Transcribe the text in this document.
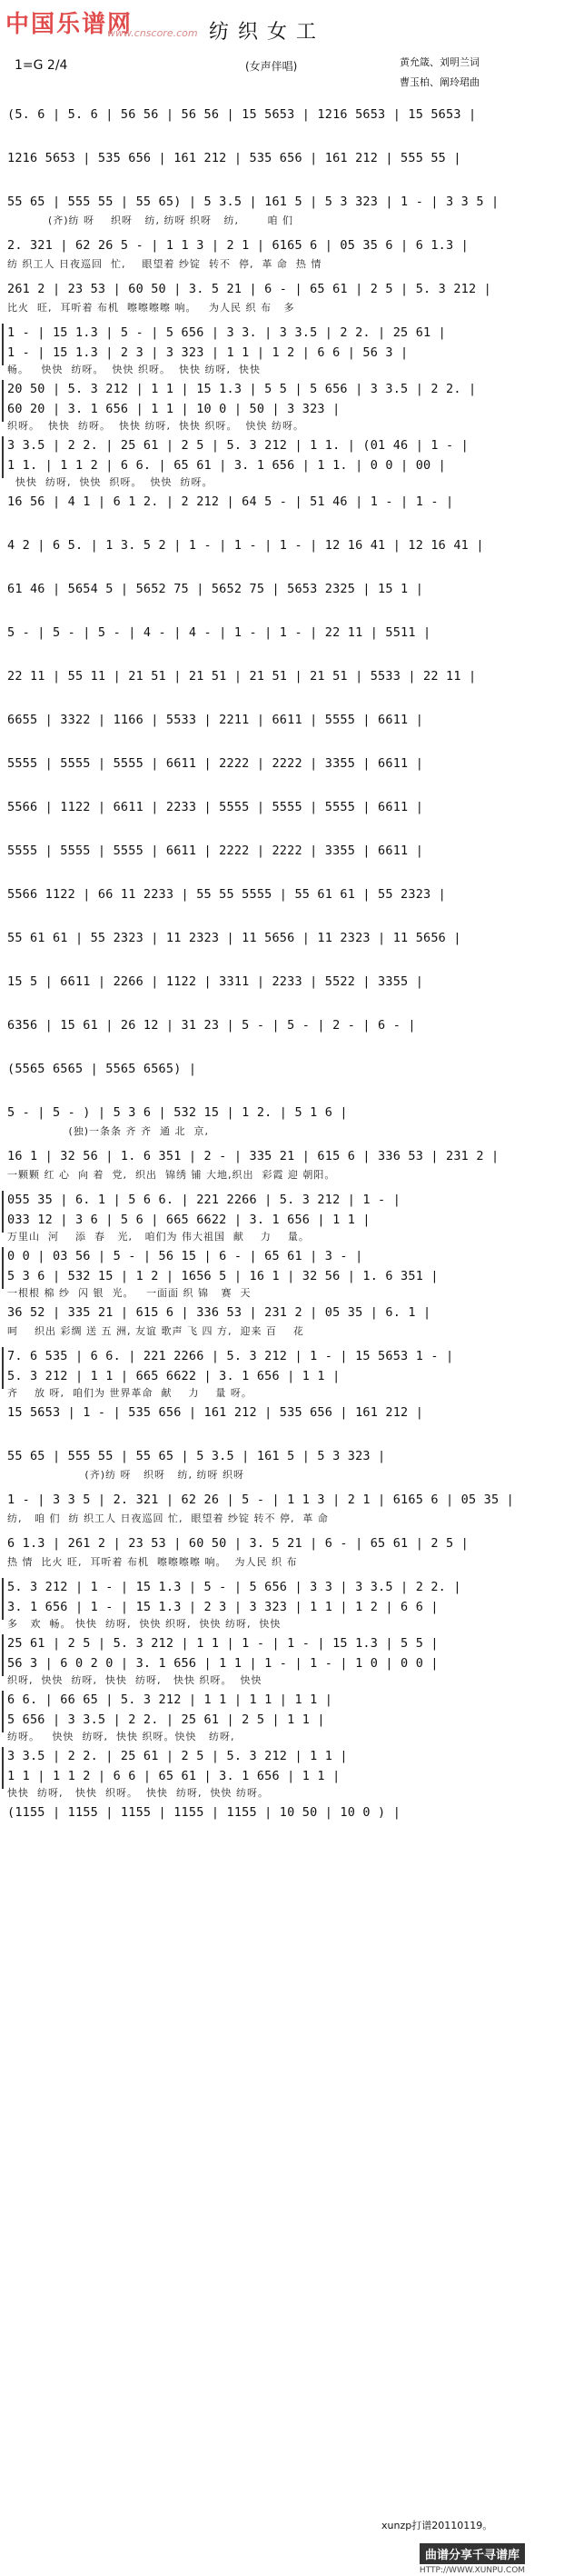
中国乐谱网
www.cnscore.com 纺织女工
1=G 2/4	(女声伴唱)	黄允箴、刘明兰词
曹玉柏、阐玲珺曲
(5. 6 | 5. 6 | 56 56 | 56 56 | 15 5653 | 1216 5653 | 15 5653 |
1216 5653 | 535 656 | 161 212 | 535 656 | 161 212 | 555 55 |
55 65 | 555 55 | 55 65) | 5 3.5 | 161 5 | 5 3 323 | 1 - | 3 3 5 |
(齐)纺 呀    织呀   纺, 纺呀 织呀   纺,       咱 们
2. 321 | 62 26 5 - | 1 1 3 | 2 1 | 6165 6 | 05 35 6 | 6 1.3 |
纺 织工人 日夜巡回  忙,    眼望着 纱锭  转不  停,  革 命  热 情
261 2 | 23 53 | 60 50 | 3. 5 21 | 6 - | 65 61 | 2 5 | 5. 3 212 |
比火  旺,  耳听着 布机  嚓嚓嚓嚓 响。   为人民 织 布   多
1 - | 15 1.3 | 5 - | 5 656 | 3 3. | 3 3.5 | 2 2. | 25 61 |
1 - | 15 1.3 | 2 3 | 3 323 | 1 1 | 1 2 | 6 6 | 56 3 |
畅。   快快  纺呀。  快快 织呀。  快快 纺呀,  快快
20 50 | 5. 3 212 | 1 1 | 15 1.3 | 5 5 | 5 656 | 3 3.5 | 2 2. |
60 20 | 3. 1 656 | 1 1 | 10 0 | 50 | 3 323 |
织呀。  快快  纺呀。  快快 纺呀,  快快 织呀。  快快 纺呀。
3 3.5 | 2 2. | 25 61 | 2 5 | 5. 3 212 | 1 1. | (01 46 | 1 - |
1 1. | 1 1 2 | 6 6. | 65 61 | 3. 1 656 | 1 1. | 0 0 | 00 |
快快  纺呀,  快快  织呀。  快快  纺呀。
16 56 | 4 1 | 6 1 2. | 2 212 | 64 5 - | 51 46 | 1 - | 1 - |
4 2 | 6 5. | 1 3. 5 2 | 1 - | 1 - | 1 - | 12 16 41 | 12 16 41 |
61 46 | 5654 5 | 5652 75 | 5652 75 | 5653 2325 | 15 1 |
5 - | 5 - | 5 - | 4 - | 4 - | 1 - | 1 - | 22 11 | 5511 |
22 11 | 55 11 | 21 51 | 21 51 | 21 51 | 21 51 | 5533 | 22 11 |
6655 | 3322 | 1166 | 5533 | 2211 | 6611 | 5555 | 6611 |
5555 | 5555 | 5555 | 6611 | 2222 | 2222 | 3355 | 6611 |
5566 | 1122 | 6611 | 2233 | 5555 | 5555 | 5555 | 6611 |
5555 | 5555 | 5555 | 6611 | 2222 | 2222 | 3355 | 6611 |
5566 1122 | 66 11 2233 | 55 55 5555 | 55 61 61 | 55 2323 |
55 61 61 | 55 2323 | 11 2323 | 11 5656 | 11 2323 | 11 5656 |
15 5 | 6611 | 2266 | 1122 | 3311 | 2233 | 5522 | 3355 |
6356 | 15 61 | 26 12 | 31 23 | 5 - | 5 - | 2 - | 6 - |
(5565 6565 | 5565 6565) |
5 - | 5 - ) | 5 3 6 | 532 15 | 1 2. | 5 1 6 |
(独)一条条 齐 齐  通 北  京,
16 1 | 32 56 | 1. 6 351 | 2 - | 335 21 | 615 6 | 336 53 | 231 2 |
一颗颗 红 心  向 着  党,  织出  锦绣 铺 大地,织出  彩霞 迎 朝阳。
055 35 | 6. 1 | 5 6 6. | 221 2266 | 5. 3 212 | 1 - |
033 12 | 3 6 | 5 6 | 665 6622 | 3. 1 656 | 1 1 |
万里山  河    添  春   光,   咱们为 伟大祖国  献    力    量。
0 0 | 03 56 | 5 - | 56 15 | 6 - | 65 61 | 3 - |
5 3 6 | 532 15 | 1 2 | 1656 5 | 16 1 | 32 56 | 1. 6 351 |
一根根 棉 纱  闪 银  光。   一面面 织 锦   赛  天
36 52 | 335 21 | 615 6 | 336 53 | 231 2 | 05 35 | 6. 1 |
呵    织出 彩绸 送 五 洲, 友谊 歌声 飞 四 方,  迎来 百    花
7. 6 535 | 6 6. | 221 2266 | 5. 3 212 | 1 - | 15 5653 1 - |
5. 3 212 | 1 1 | 665 6622 | 3. 1 656 | 1 1 |
齐    放 呀,  咱们为 世界革命  献    力    量 呀。
15 5653 | 1 - | 535 656 | 161 212 | 535 656 | 161 212 |
55 65 | 555 55 | 55 65 | 5 3.5 | 161 5 | 5 3 323 |
(齐)纺 呀   织呀   纺, 纺呀 织呀
1 - | 3 3 5 | 2. 321 | 62 26 | 5 - | 1 1 3 | 2 1 | 6165 6 | 05 35 |
纺,   咱 们  纺 织工人 日夜巡回 忙,  眼望着 纱锭 转不 停,  革 命
6 1.3 | 261 2 | 23 53 | 60 50 | 3. 5 21 | 6 - | 65 61 | 2 5 |
热 情  比火 旺,  耳听着 布机  嚓嚓嚓嚓 响。  为人民 织 布
5. 3 212 | 1 - | 15 1.3 | 5 - | 5 656 | 3 3 | 3 3.5 | 2 2. |
3. 1 656 | 1 - | 15 1.3 | 2 3 | 3 323 | 1 1 | 1 2 | 6 6 |
多   欢  畅。 快快  纺呀,  快快 织呀,  快快 纺呀,  快快
25 61 | 2 5 | 5. 3 212 | 1 1 | 1 - | 1 - | 15 1.3 | 5 5 |
56 3 | 6 0 2 0 | 3. 1 656 | 1 1 | 1 - | 1 - | 1 0 | 0 0 |
织呀,  快快  纺呀,  快快  纺呀,   快快 织呀。  快快
6 6. | 66 65 | 5. 3 212 | 1 1 | 1 1 | 1 1 |
5 656 | 3 3.5 | 2 2. | 25 61 | 2 5 | 1 1 |
纺呀。   快快  纺呀,  快快 织呀。快快   纺呀,
3 3.5 | 2 2. | 25 61 | 2 5 | 5. 3 212 | 1 1 |
1 1 | 1 1 2 | 6 6 | 65 61 | 3. 1 656 | 1 1 |
快快  纺呀,   快快  织呀。  快快  纺呀,  快快 纺呀。
(1155 | 1155 | 1155 | 1155 | 1155 | 10 50 | 10 0 ) |
xunzp打谱20110119。
曲谱分享千寻谱库
HTTP://WWW.XUNPU.COM
